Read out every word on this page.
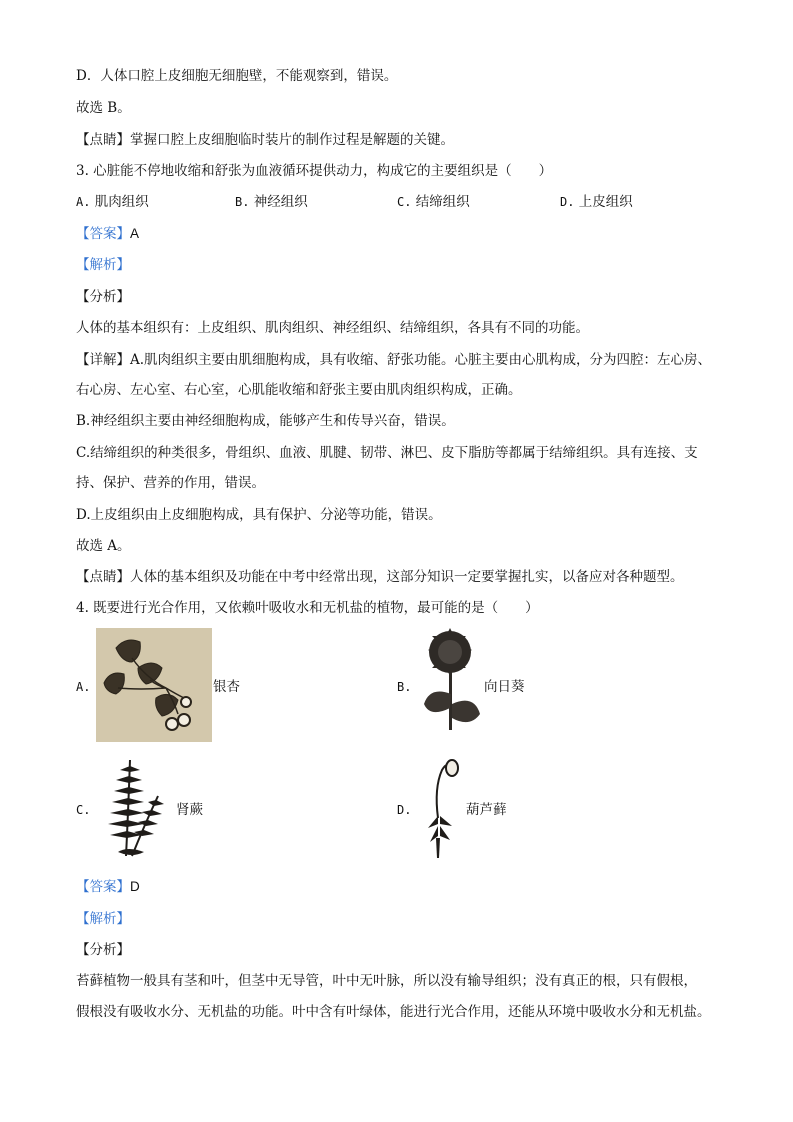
D．人体口腔上皮细胞无细胞壁，不能观察到，错误。
故选 B。
【点睛】掌握口腔上皮细胞临时装片的制作过程是解题的关键。
3. 心脏能不停地收缩和舒张为血液循环提供动力，构成它的主要组织是（　　）
A. 肌肉组织	B. 神经组织	C. 结缔组织	D. 上皮组织
【答案】A
【解析】
【分析】
人体的基本组织有：上皮组织、肌肉组织、神经组织、结缔组织，各具有不同的功能。
【详解】A.肌肉组织主要由肌细胞构成，具有收缩、舒张功能。心脏主要由心肌构成，分为四腔：左心房、
右心房、左心室、右心室，心肌能收缩和舒张主要由肌肉组织构成，正确。
B.神经组织主要由神经细胞构成，能够产生和传导兴奋，错误。
C.结缔组织的种类很多，骨组织、血液、肌腱、韧带、淋巴、皮下脂肪等都属于结缔组织。具有连接、支
持、保护、营养的作用，错误。
D.上皮组织由上皮细胞构成，具有保护、分泌等功能，错误。
故选 A。
【点睛】人体的基本组织及功能在中考中经常出现，这部分知识一定要掌握扎实，以备应对各种题型。
4. 既要进行光合作用，又依赖叶吸收水和无机盐的植物，最可能的是（　　）
A.	银杏	B.	向日葵
C.	肾蕨	D.	葫芦藓
【答案】D
【解析】
【分析】
苔藓植物一般具有茎和叶，但茎中无导管，叶中无叶脉，所以没有输导组织；没有真正的根，只有假根，
假根没有吸收水分、无机盐的功能。叶中含有叶绿体，能进行光合作用，还能从环境中吸收水分和无机盐。
